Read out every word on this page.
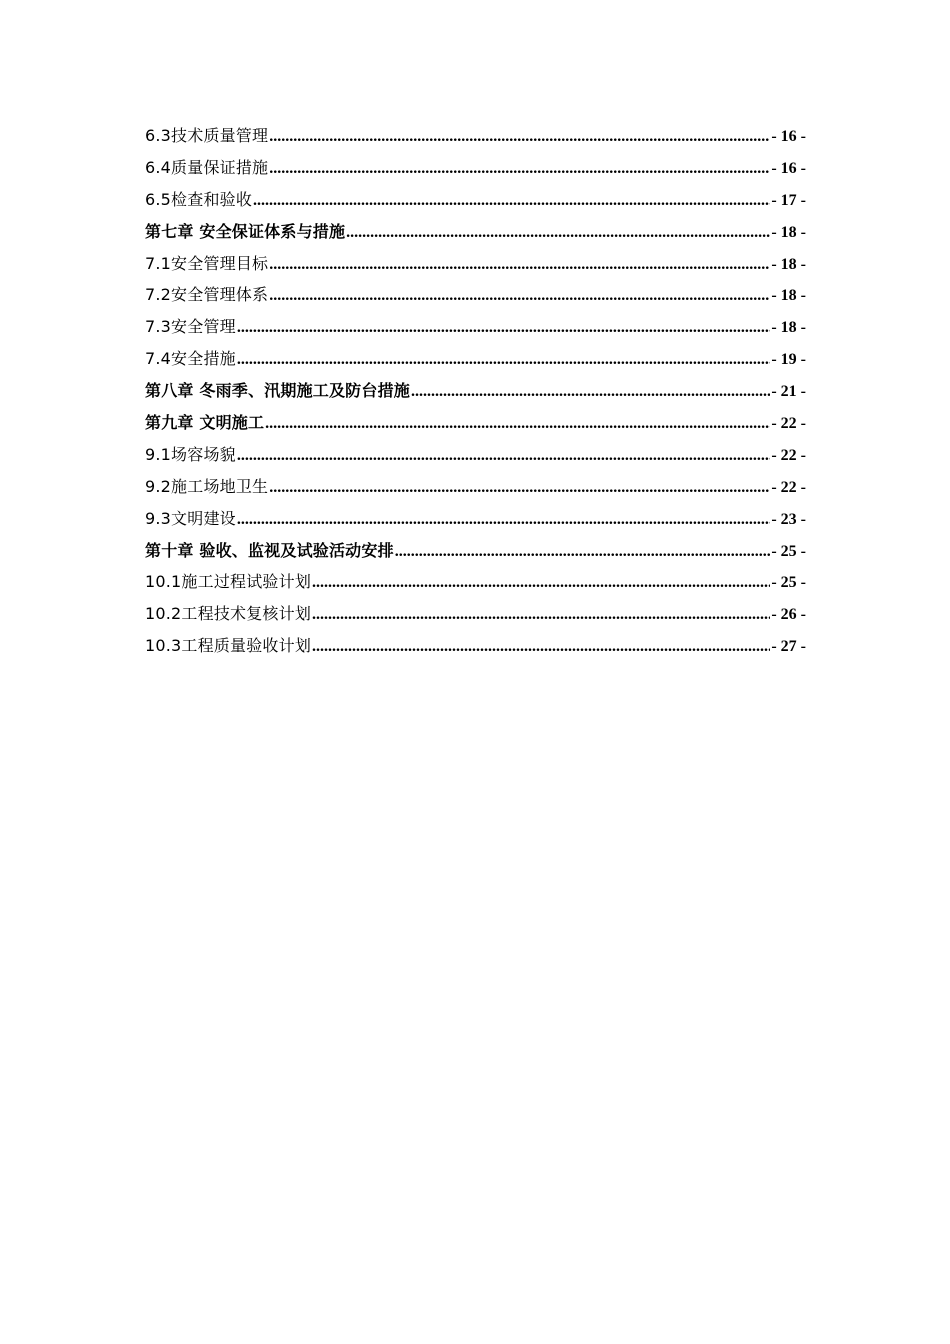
6.3技术质量管理 .....	- 16 -
6.4质量保证措施 .....	- 16 -
6.5检查和验收 .....	- 17 -
第七章 安全保证体系与措施 .....	- 18 -
7.1安全管理目标 .....	- 18 -
7.2安全管理体系 .....	- 18 -
7.3安全管理 .....	- 18 -
7.4安全措施 .....	- 19 -
第八章 冬雨季、汛期施工及防台措施 .....	- 21 -
第九章 文明施工 .....	- 22 -
9.1场容场貌 .....	- 22 -
9.2施工场地卫生 .....	- 22 -
9.3文明建设 .....	- 23 -
第十章 验收、监视及试验活动安排 .....	- 25 -
10.1施工过程试验计划 .....	- 25 -
10.2工程技术复核计划 .....	- 26 -
10.3工程质量验收计划 .....	- 27 -
